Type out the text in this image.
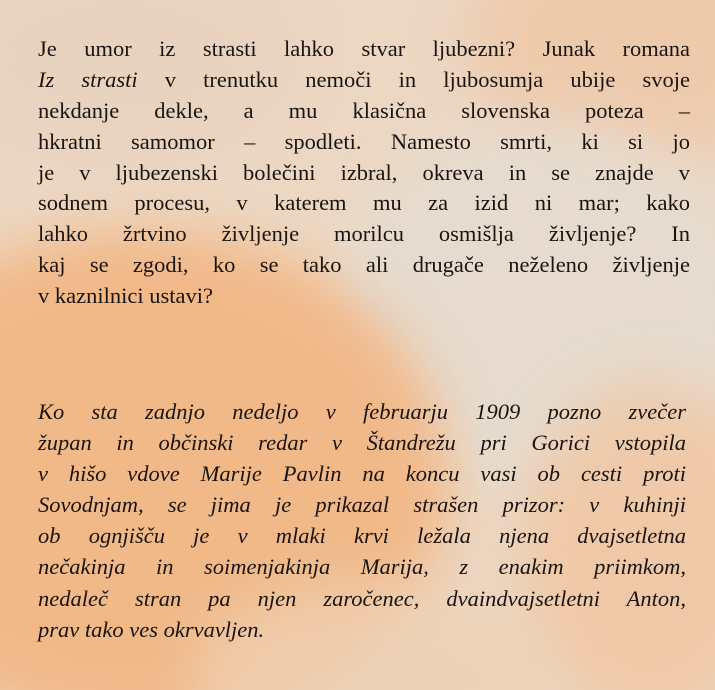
Je umor iz strasti lahko stvar ljubezni? Junak romana
Iz strasti v trenutku nemoči in ljubosumja ubije svoje
nekdanje dekle, a mu klasična slovenska poteza –
hkratni samomor – spodleti. Namesto smrti, ki si jo
je v ljubezenski bolečini izbral, okreva in se znajde v
sodnem procesu, v katerem mu za izid ni mar; kako
lahko žrtvino življenje morilcu osmišlja življenje? In
kaj se zgodi, ko se tako ali drugače neželeno življenje
v kaznilnici ustavi?
Ko sta zadnjo nedeljo v februarju 1909 pozno zvečer
župan in občinski redar v Štandrežu pri Gorici vstopila
v hišo vdove Marije Pavlin na koncu vasi ob cesti proti
Sovodnjam, se jima je prikazal strašen prizor: v kuhinji
ob ognjišču je v mlaki krvi ležala njena dvajsetletna
nečakinja in soimenjakinja Marija, z enakim priimkom,
nedaleč stran pa njen zaročenec, dvaindvajsetletni Anton,
prav tako ves okrvavljen.
